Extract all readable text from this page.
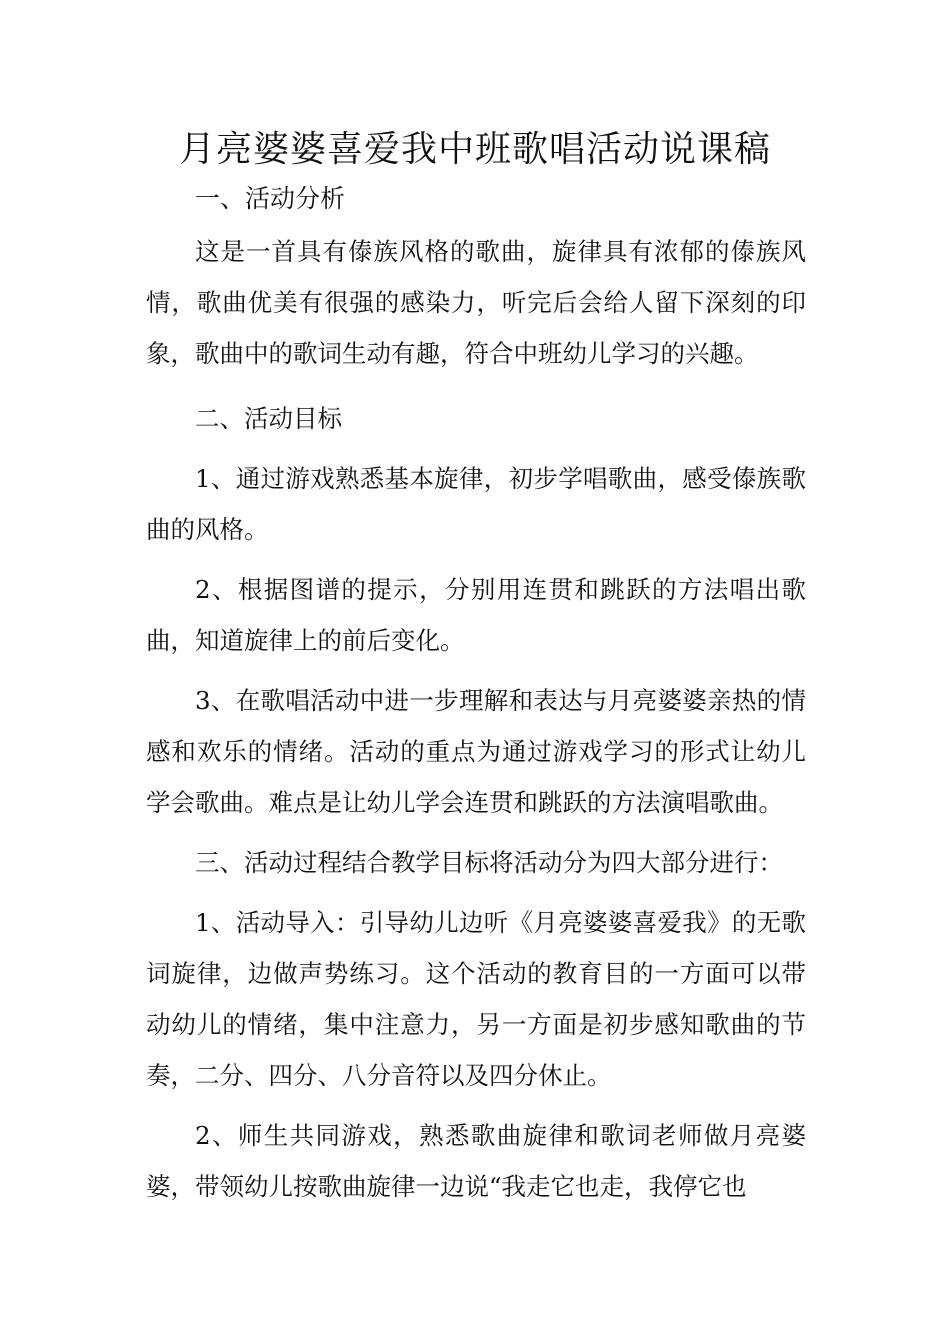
月亮婆婆喜爱我中班歌唱活动说课稿
一、活动分析

这是一首具有傣族风格的歌曲，旋律具有浓郁的傣族风情，歌曲优美有很强的感染力，听完后会给人留下深刻的印象，歌曲中的歌词生动有趣，符合中班幼儿学习的兴趣。

二、活动目标

1、通过游戏熟悉基本旋律，初步学唱歌曲，感受傣族歌曲的风格。

2、根据图谱的提示，分别用连贯和跳跃的方法唱出歌曲，知道旋律上的前后变化。

3、在歌唱活动中进一步理解和表达与月亮婆婆亲热的情感和欢乐的情绪。活动的重点为通过游戏学习的形式让幼儿学会歌曲。难点是让幼儿学会连贯和跳跃的方法演唱歌曲。

三、活动过程结合教学目标将活动分为四大部分进行：

1、活动导入：引导幼儿边听《月亮婆婆喜爱我》的无歌词旋律，边做声势练习。这个活动的教育目的一方面可以带动幼儿的情绪，集中注意力，另一方面是初步感知歌曲的节奏，二分、四分、八分音符以及四分休止。

2、师生共同游戏，熟悉歌曲旋律和歌词老师做月亮婆婆，带领幼儿按歌曲旋律一边说“我走它也走，我停它也
